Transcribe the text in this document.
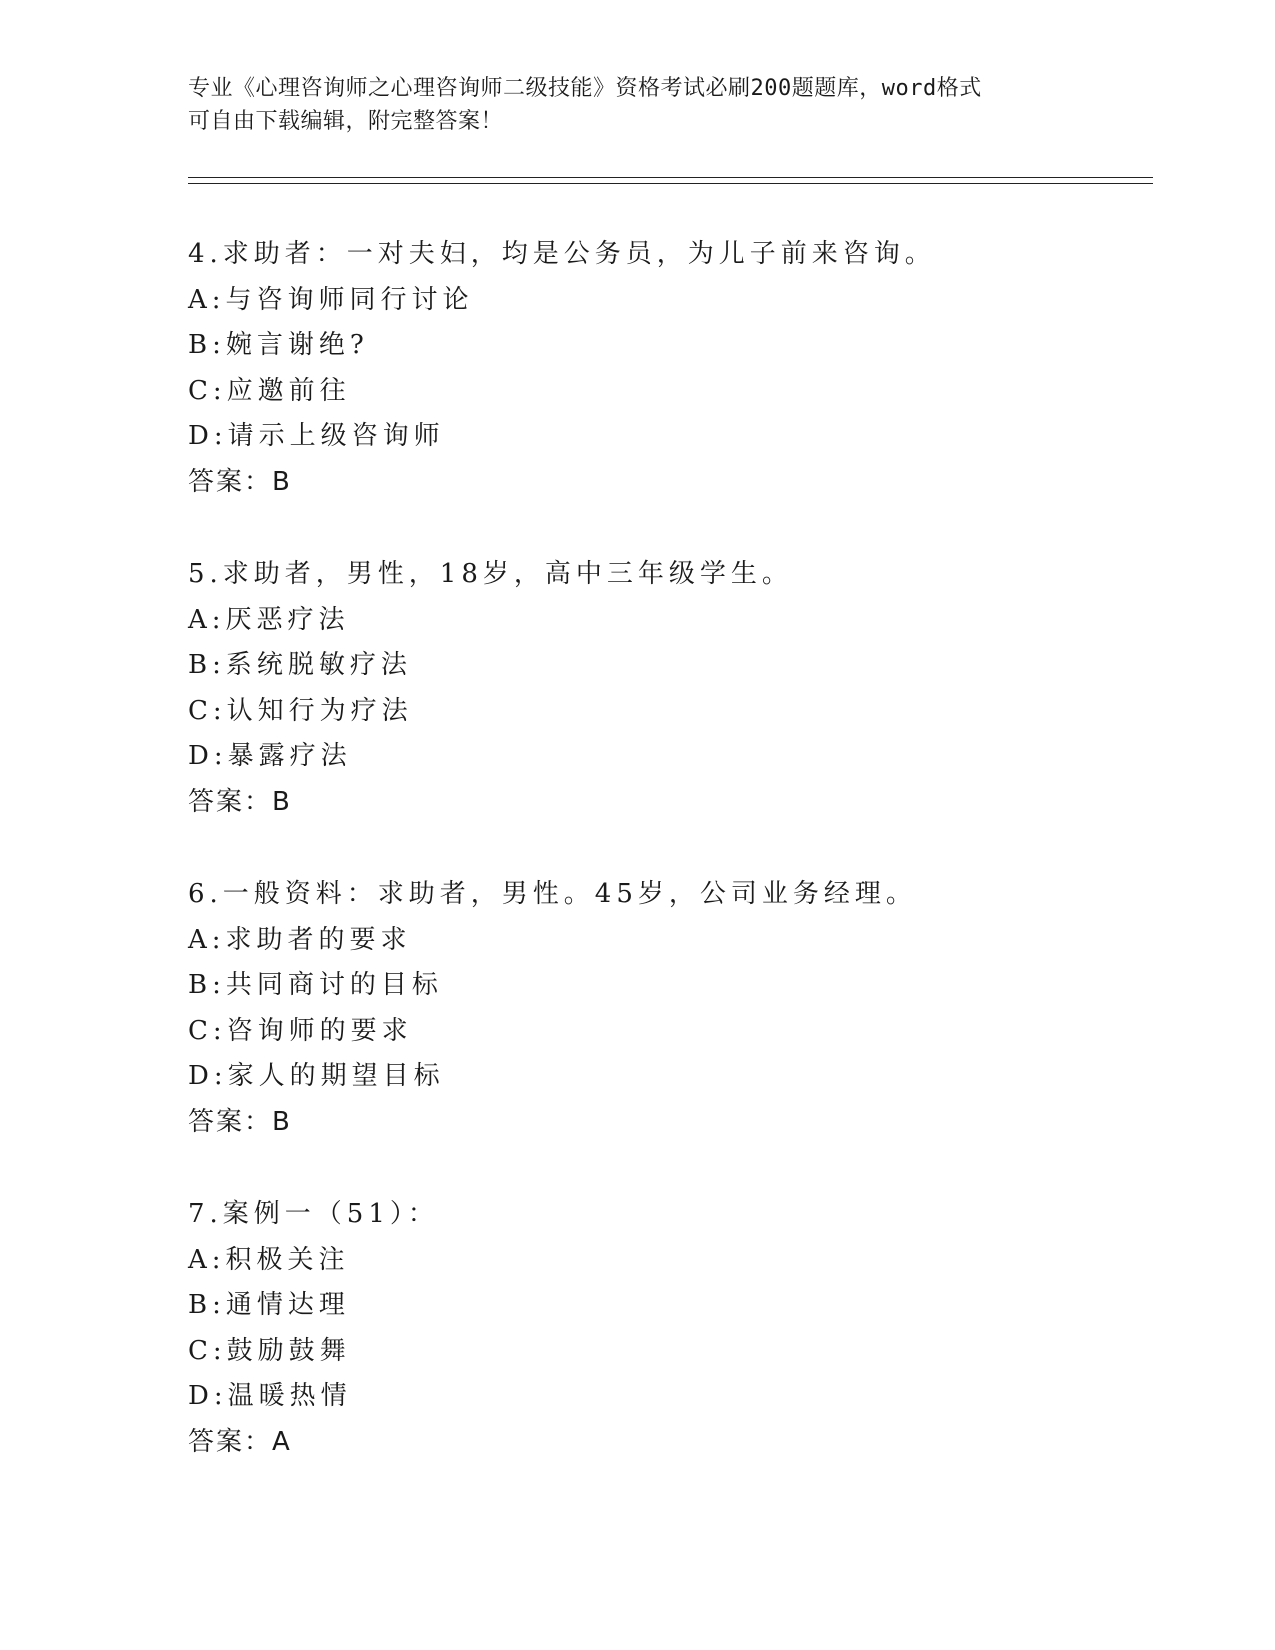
专业《心理咨询师之心理咨询师二级技能》资格考试必刷200题题库，word格式
可自由下载编辑，附完整答案！
4.求助者：一对夫妇，均是公务员，为儿子前来咨询。
A:与咨询师同行讨论
B:婉言谢绝?
C:应邀前往
D:请示上级咨询师
答案：B
5.求助者，男性，18岁，高中三年级学生。
A:厌恶疗法
B:系统脱敏疗法
C:认知行为疗法
D:暴露疗法
答案：B
6.一般资料：求助者，男性。45岁，公司业务经理。
A:求助者的要求
B:共同商讨的目标
C:咨询师的要求
D:家人的期望目标
答案：B
7.案例一（51）：
A:积极关注
B:通情达理
C:鼓励鼓舞
D:温暖热情
答案：A
